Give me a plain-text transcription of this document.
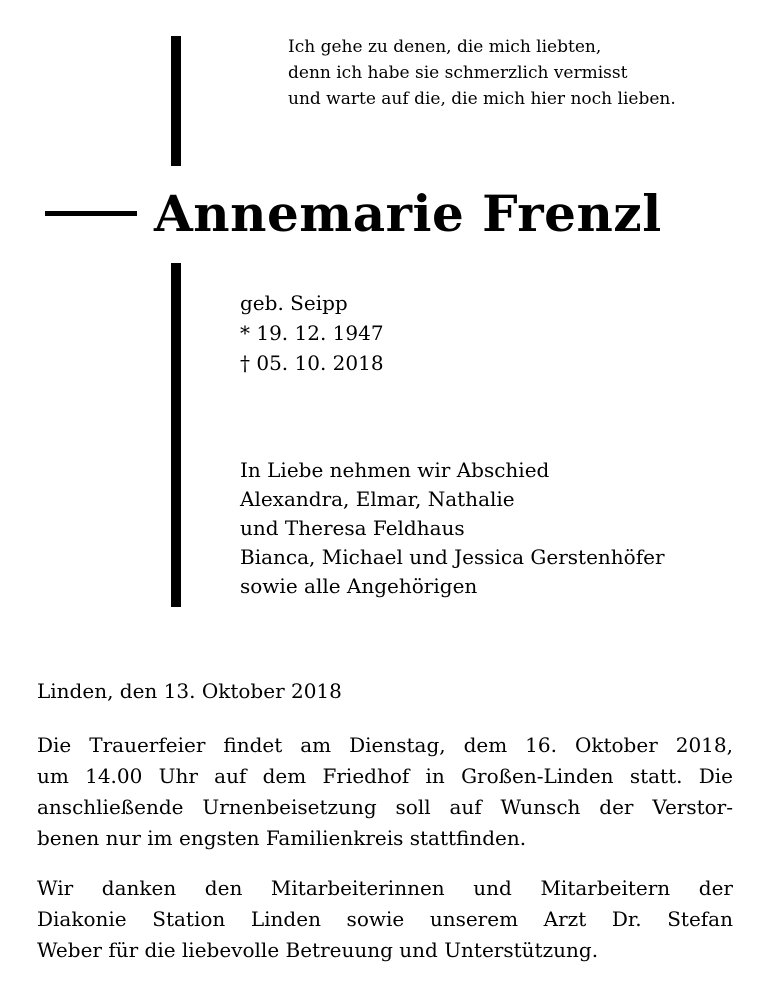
Ich gehe zu denen, die mich liebten,
denn ich habe sie schmerzlich vermisst
und warte auf die, die mich hier noch lieben.
Annemarie Frenzl
geb. Seipp
* 19. 12. 1947
† 05. 10. 2018
In Liebe nehmen wir Abschied
Alexandra, Elmar, Nathalie
und Theresa Feldhaus
Bianca, Michael und Jessica Gerstenhöfer
sowie alle Angehörigen
Linden, den 13. Oktober 2018
Die Trauerfeier findet am Dienstag, dem 16. Oktober 2018,
um 14.00 Uhr auf dem Friedhof in Großen-Linden statt. Die
anschließende Urnenbeisetzung soll auf Wunsch der Verstor-
benen nur im engsten Familienkreis stattfinden.
Wir danken den Mitarbeiterinnen und Mitarbeitern der
Diakonie Station Linden sowie unserem Arzt Dr. Stefan
Weber für die liebevolle Betreuung und Unterstützung.
